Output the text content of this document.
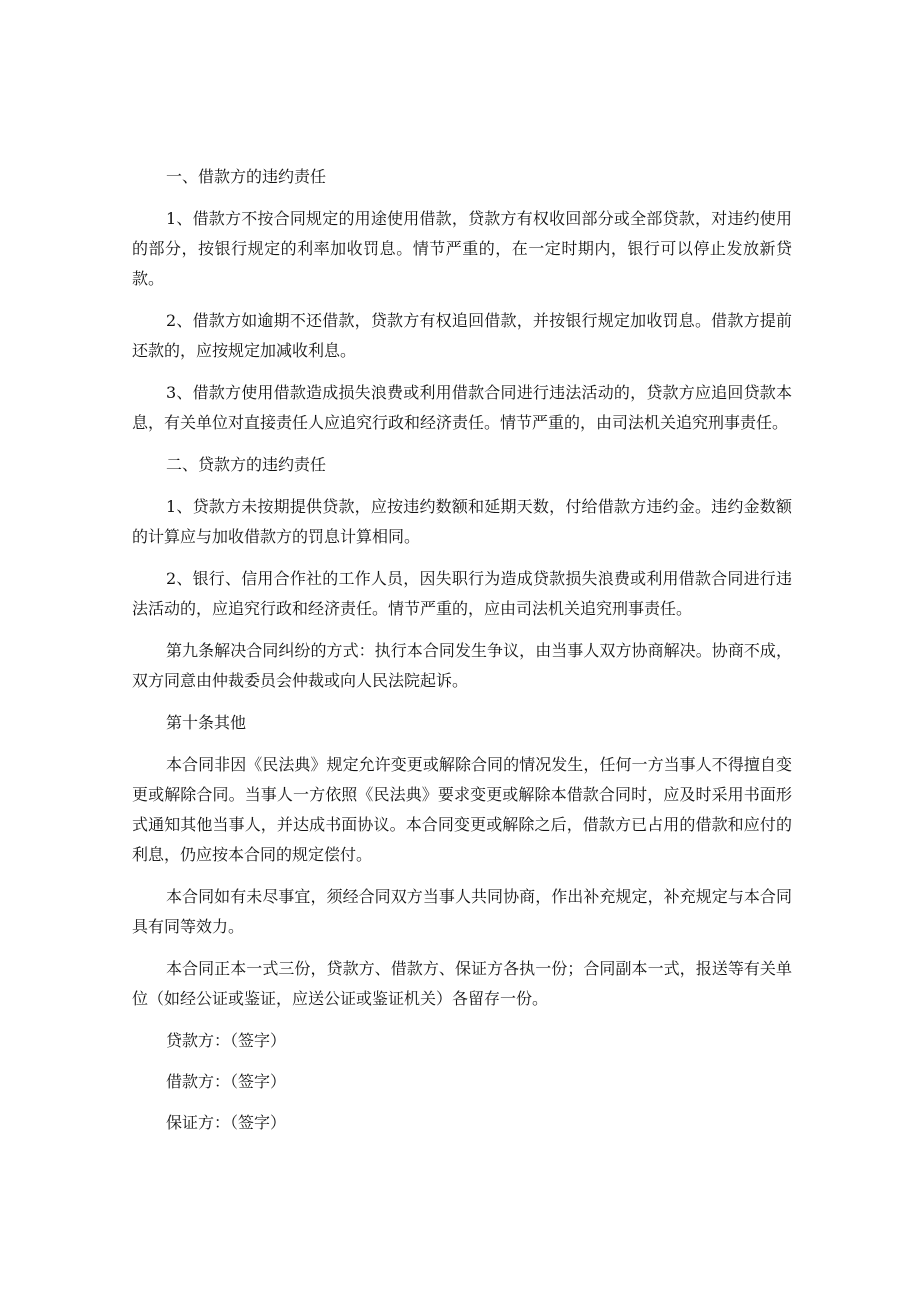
一、借款方的违约责任

1、借款方不按合同规定的用途使用借款，贷款方有权收回部分或全部贷款，对违约使用的部分，按银行规定的利率加收罚息。情节严重的，在一定时期内，银行可以停止发放新贷款。

2、借款方如逾期不还借款，贷款方有权追回借款，并按银行规定加收罚息。借款方提前还款的，应按规定加减收利息。

3、借款方使用借款造成损失浪费或利用借款合同进行违法活动的，贷款方应追回贷款本息，有关单位对直接责任人应追究行政和经济责任。情节严重的，由司法机关追究刑事责任。

二、贷款方的违约责任

1、贷款方未按期提供贷款，应按违约数额和延期天数，付给借款方违约金。违约金数额的计算应与加收借款方的罚息计算相同。

2、银行、信用合作社的工作人员，因失职行为造成贷款损失浪费或利用借款合同进行违法活动的，应追究行政和经济责任。情节严重的，应由司法机关追究刑事责任。

第九条解决合同纠纷的方式：执行本合同发生争议，由当事人双方协商解决。协商不成，双方同意由仲裁委员会仲裁或向人民法院起诉。

第十条其他

本合同非因《民法典》规定允许变更或解除合同的情况发生，任何一方当事人不得擅自变更或解除合同。当事人一方依照《民法典》要求变更或解除本借款合同时，应及时采用书面形式通知其他当事人，并达成书面协议。本合同变更或解除之后，借款方已占用的借款和应付的利息，仍应按本合同的规定偿付。

本合同如有未尽事宜，须经合同双方当事人共同协商，作出补充规定，补充规定与本合同具有同等效力。

本合同正本一式三份，贷款方、借款方、保证方各执一份；合同副本一式，报送等有关单位（如经公证或鉴证，应送公证或鉴证机关）各留存一份。

贷款方：（签字）

借款方：（签字）

保证方：（签字）
